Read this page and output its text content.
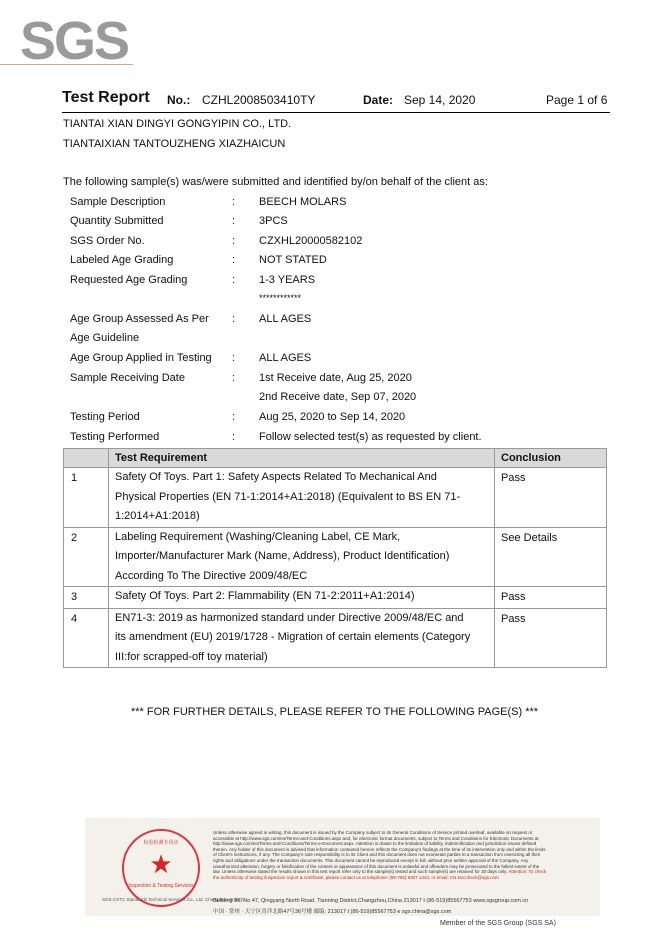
SGS
Test Report No.: CZHL2008503410TY	Date: Sep 14, 2020	Page 1 of 6
TIANTAI XIAN DINGYI GONGYIPIN CO., LTD.
TIANTAIXIAN TANTOUZHENG XIAZHAICUN
The following sample(s) was/were submitted and identified by/on behalf of the client as:
Sample Description	: BEECH MOLARS
Quantity Submitted	: 3PCS
SGS Order No.	: CZXHL20000582102
Labeled Age Grading	: NOT STATED
Requested Age Grading	: 1-3 YEARS
************
Age Group Assessed As Per : ALL AGES
Age Guideline
Age Group Applied in Testing : ALL AGES
Sample Receiving Date	: 1st Receive date, Aug 25, 2020
2nd Receive date, Sep 07, 2020
Testing Period	: Aug 25, 2020 to Sep 14, 2020
Testing Performed	: Follow selected test(s) as requested by client.
	Test Requirement	Conclusion
1	Safety Of Toys. Part 1: Safety Aspects Related To Mechanical And
Physical Properties (EN 71-1:2014+A1:2018) (Equivalent to BS EN 71-
1:2014+A1:2018)	Pass
2	Labeling Requirement (Washing/Cleaning Label, CE Mark,
Importer/Manufacturer Mark (Name, Address), Product Identification)
According To The Directive 2009/48/EC	See Details
3	Safety Of Toys. Part 2: Flammability (EN 71-2:2011+A1:2014)	Pass
4	EN71-3: 2019 as harmonized standard under Directive 2009/48/EC and
its amendment (EU) 2019/1728 - Migration of certain elements (Category
III:for scrapped-off toy material)	Pass
*** FOR FURTHER DETAILS, PLEASE REFER TO THE FOLLOWING PAGE(S) ***
检验检测专用章
★
Inspection & Testing Services
SGS-CSTC Standards Technical Services Co., Ltd. Changzhou Branch
Unless otherwise agreed in writing, this document is issued by the Company subject to its General Conditions of Service printed overleaf, available on request or accessible at http://www.sgs.com/en/Terms-and-Conditions.aspx and, for electronic format documents, subject to Terms and Conditions for Electronic Documents at http://www.sgs.com/en/Terms-and-Conditions/Terms-e-Document.aspx. Attention is drawn to the limitation of liability, indemnification and jurisdiction issues defined therein. Any holder of this document is advised that information contained hereon reflects the Company's findings at the time of its intervention only and within the limits of Client's instructions, if any. The Company's sole responsibility is to its Client and this document does not exonerate parties to a transaction from exercising all their rights and obligations under the transaction documents. This document cannot be reproduced except in full, without prior written approval of the Company. Any unauthorized alteration, forgery or falsification of the content or appearance of this document is unlawful and offenders may be prosecuted to the fullest extent of the law. Unless otherwise stated the results shown in this test report refer only to the sample(s) tested and such sample(s) are retained for 30 days only. Attention: To check the authenticity of testing /inspection report & certificate, please contact us at telephone: (86-755) 8307 1443, or email: CN.Doccheck@sgs.com
Building 36, No 47, Qingyang North Road, Tianning District,Changzhou,China 213017 t (86-519)85567753 www.sgsgroup.com.cn
中国 · 常州 · 天宁区青洋北路47号36号楼 邮编: 213017 t (86-519)85567753 e sgs.china@sgs.com
Member of the SGS Group (SGS SA)
